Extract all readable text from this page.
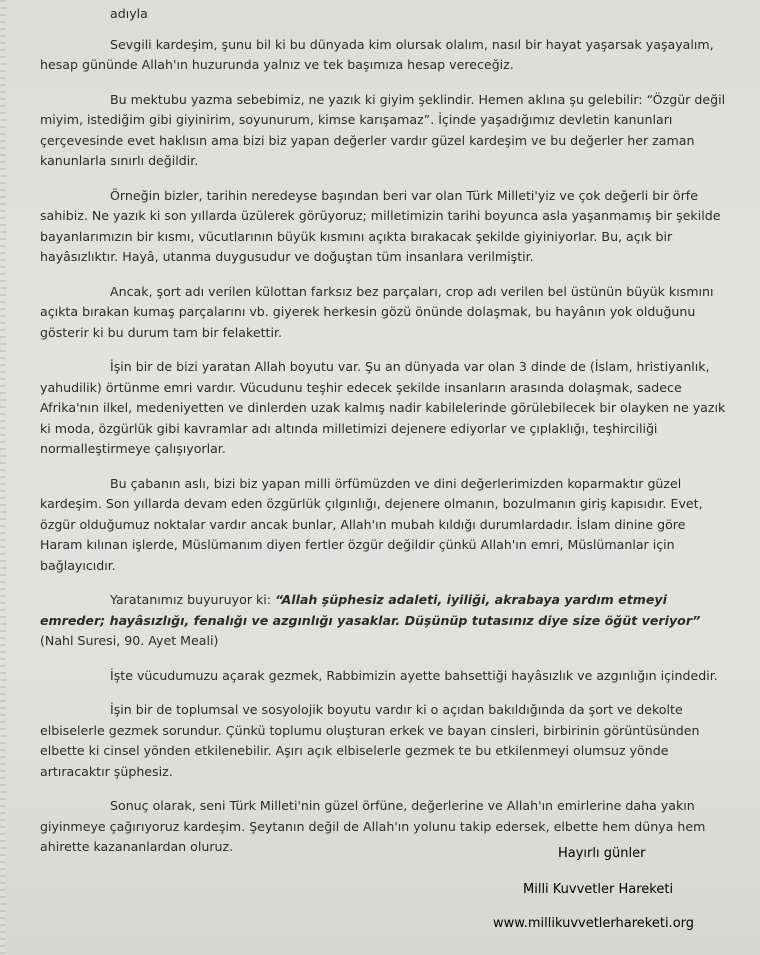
adıyla

Sevgili kardeşim, şunu bil ki bu dünyada kim olursak olalım, nasıl bir hayat yaşarsak yaşayalım, hesap gününde Allah'ın huzurunda yalnız ve tek başımıza hesap vereceğiz.

Bu mektubu yazma sebebimiz, ne yazık ki giyim şeklindir. Hemen aklına şu gelebilir: “Özgür değil miyim, istediğim gibi giyinirim, soyunurum, kimse karışamaz”. İçinde yaşadığımız devletin kanunları çerçevesinde evet haklısın ama bizi biz yapan değerler vardır güzel kardeşim ve bu değerler her zaman kanunlarla sınırlı değildir.

Örneğin bizler, tarihin neredeyse başından beri var olan Türk Milleti'yiz ve çok değerli bir örfe sahibiz. Ne yazık ki son yıllarda üzülerek görüyoruz; milletimizin tarihi boyunca asla yaşanmamış bir şekilde bayanlarımızın bir kısmı, vücutlarının büyük kısmını açıkta bırakacak şekilde giyiniyorlar. Bu, açık bir hayâsızlıktır. Hayâ, utanma duygusudur ve doğuştan tüm insanlara verilmiştir.

Ancak, şort adı verilen külottan farksız bez parçaları, crop adı verilen bel üstünün büyük kısmını açıkta bırakan kumaş parçalarını vb. giyerek herkesin gözü önünde dolaşmak, bu hayânın yok olduğunu gösterir ki bu durum tam bir felakettir.

İşin bir de bizi yaratan Allah boyutu var. Şu an dünyada var olan 3 dinde de (İslam, hristiyanlık, yahudilik) örtünme emri vardır. Vücudunu teşhir edecek şekilde insanların arasında dolaşmak, sadece Afrika'nın ilkel, medeniyetten ve dinlerden uzak kalmış nadir kabilelerinde görülebilecek bir olayken ne yazık ki moda, özgürlük gibi kavramlar adı altında milletimizi dejenere ediyorlar ve çıplaklığı, teşhirciliği normalleştirmeye çalışıyorlar.

Bu çabanın aslı, bizi biz yapan milli örfümüzden ve dini değerlerimizden koparmaktır güzel kardeşim. Son yıllarda devam eden özgürlük çılgınlığı, dejenere olmanın, bozulmanın giriş kapısıdır. Evet, özgür olduğumuz noktalar vardır ancak bunlar, Allah'ın mubah kıldığı durumlardadır. İslam dinine göre Haram kılınan işlerde, Müslümanım diyen fertler özgür değildir çünkü Allah'ın emri, Müslümanlar için bağlayıcıdır.

Yaratanımız buyuruyor ki: “Allah şüphesiz adaleti, iyiliği, akrabaya yardım etmeyi emreder; hayâsızlığı, fenalığı ve azgınlığı yasaklar. Düşünüp tutasınız diye size öğüt veriyor” (Nahl Suresi, 90. Ayet Meali)

İşte vücudumuzu açarak gezmek, Rabbimizin ayette bahsettiği hayâsızlık ve azgınlığın içindedir.

İşin bir de toplumsal ve sosyolojik boyutu vardır ki o açıdan bakıldığında da şort ve dekolte elbiselerle gezmek sorundur. Çünkü toplumu oluşturan erkek ve bayan cinsleri, birbirinin görüntüsünden elbette ki cinsel yönden etkilenebilir. Aşırı açık elbiselerle gezmek te bu etkilenmeyi olumsuz yönde artıracaktır şüphesiz.

Sonuç olarak, seni Türk Milleti'nin güzel örfüne, değerlerine ve Allah'ın emirlerine daha yakın giyinmeye çağırıyoruz kardeşim. Şeytanın değil de Allah'ın yolunu takip edersek, elbette hem dünya hem ahirette kazananlardan oluruz.	Hayırlı günler
Milli Kuvvetler Hareketi
www.millikuvvetlerhareketi.org
